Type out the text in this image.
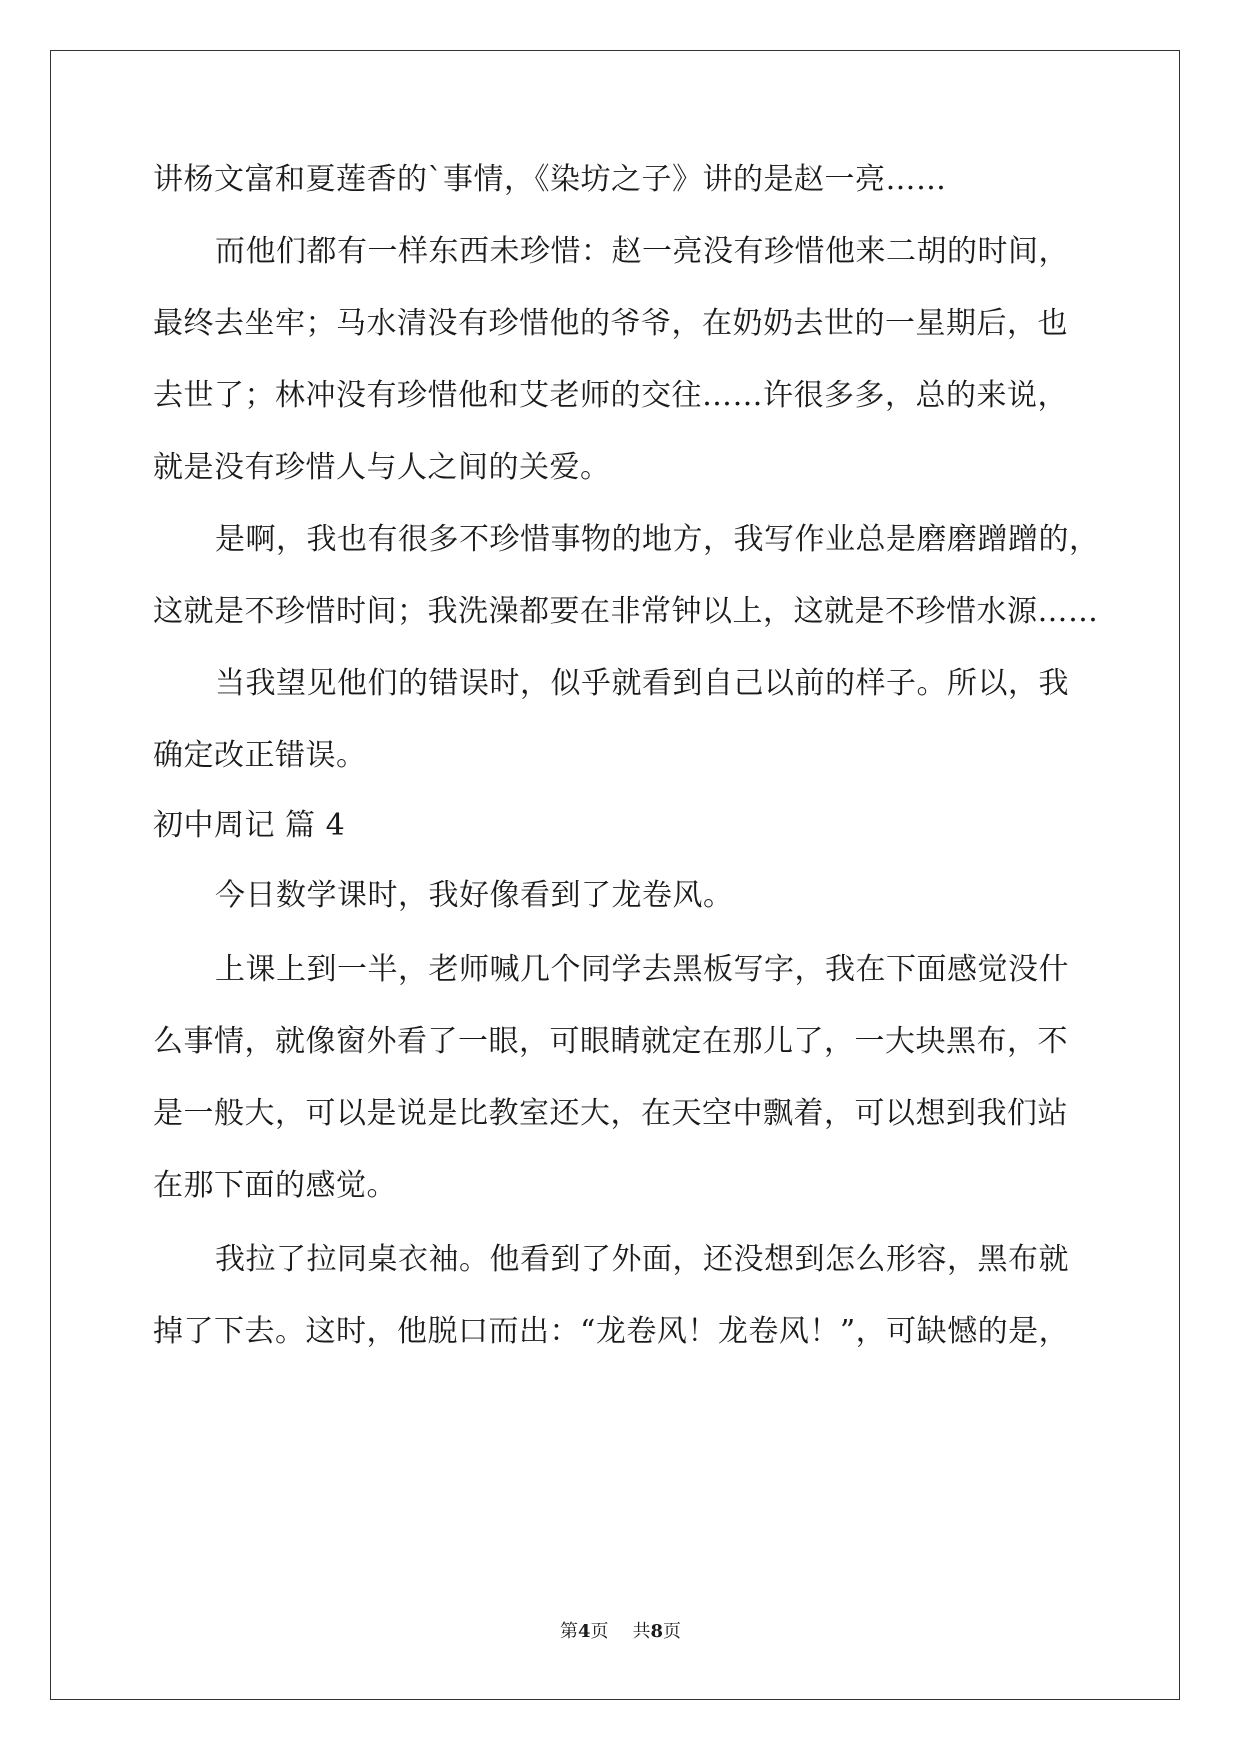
讲杨文富和夏莲香的`事情，《染坊之子》讲的是赵一亮……
而他们都有一样东西未珍惜：赵一亮没有珍惜他来二胡的时间，
最终去坐牢；马水清没有珍惜他的爷爷，在奶奶去世的一星期后，也
去世了；林冲没有珍惜他和艾老师的交往……许很多多，总的来说，
就是没有珍惜人与人之间的关爱。
是啊，我也有很多不珍惜事物的地方，我写作业总是磨磨蹭蹭的，
这就是不珍惜时间；我洗澡都要在非常钟以上，这就是不珍惜水源……
当我望见他们的错误时，似乎就看到自己以前的样子。所以，我
确定改正错误。
初中周记 篇 4
今日数学课时，我好像看到了龙卷风。
上课上到一半，老师喊几个同学去黑板写字，我在下面感觉没什
么事情，就像窗外看了一眼，可眼睛就定在那儿了，一大块黑布，不
是一般大，可以是说是比教室还大，在天空中飘着，可以想到我们站
在那下面的感觉。
我拉了拉同桌衣袖。他看到了外面，还没想到怎么形容，黑布就
掉了下去。这时，他脱口而出：“龙卷风！龙卷风！”，可缺憾的是，
第4页 共8页
